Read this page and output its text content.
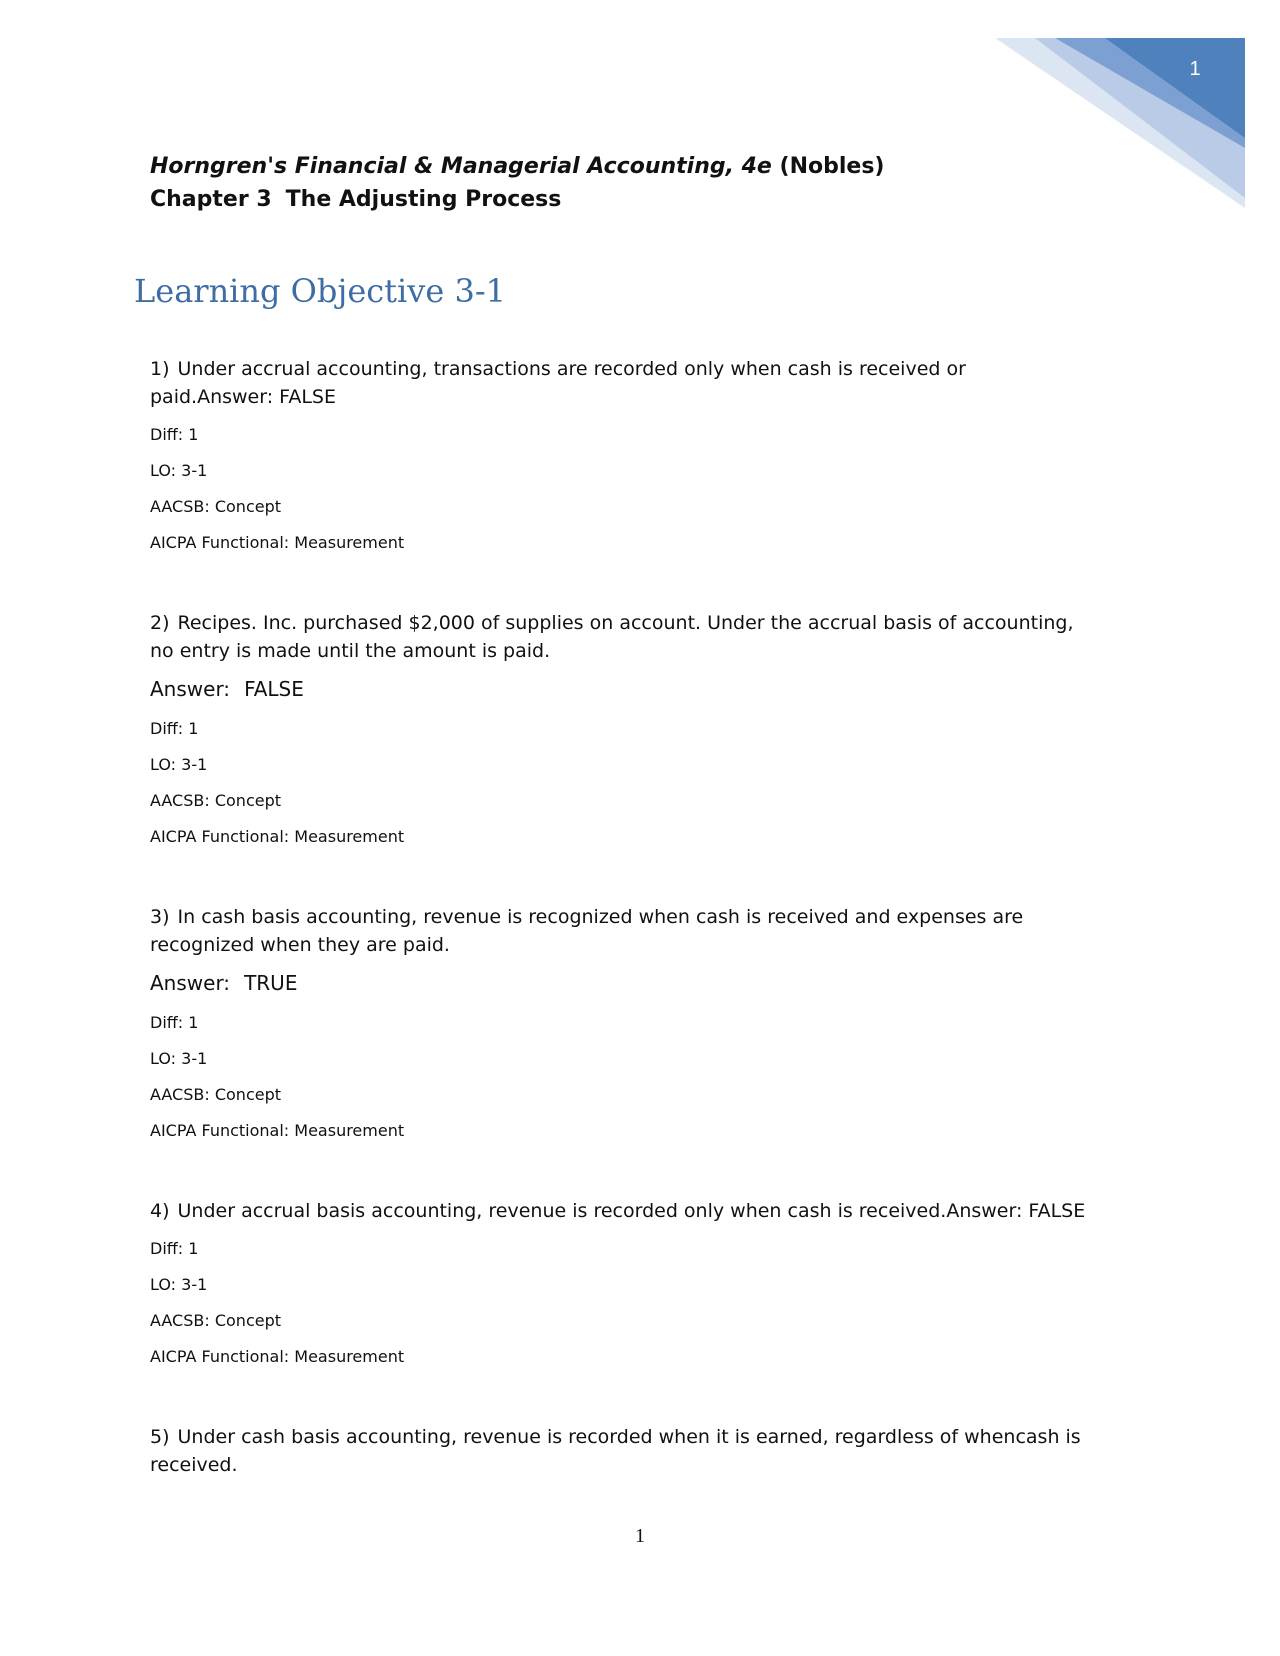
1
Horngren's Financial & Managerial Accounting, 4e (Nobles)
Chapter 3 The Adjusting Process
Learning Objective 3-1

1) Under accrual accounting, transactions are recorded only when cash is received or paid.Answer: FALSE

Diff: 1
LO: 3-1
AACSB: Concept
AICPA Functional: Measurement

2) Recipes. Inc. purchased $2,000 of supplies on account. Under the accrual basis of accounting, no entry is made until the amount is paid.

Answer: FALSE
Diff: 1
LO: 3-1
AACSB: Concept
AICPA Functional: Measurement

3) In cash basis accounting, revenue is recognized when cash is received and expenses are recognized when they are paid.

Answer: TRUE
Diff: 1
LO: 3-1
AACSB: Concept
AICPA Functional: Measurement

4) Under accrual basis accounting, revenue is recorded only when cash is received.Answer: FALSE

Diff: 1
LO: 3-1
AACSB: Concept
AICPA Functional: Measurement

5) Under cash basis accounting, revenue is recorded when it is earned, regardless of whencash is received.

1
